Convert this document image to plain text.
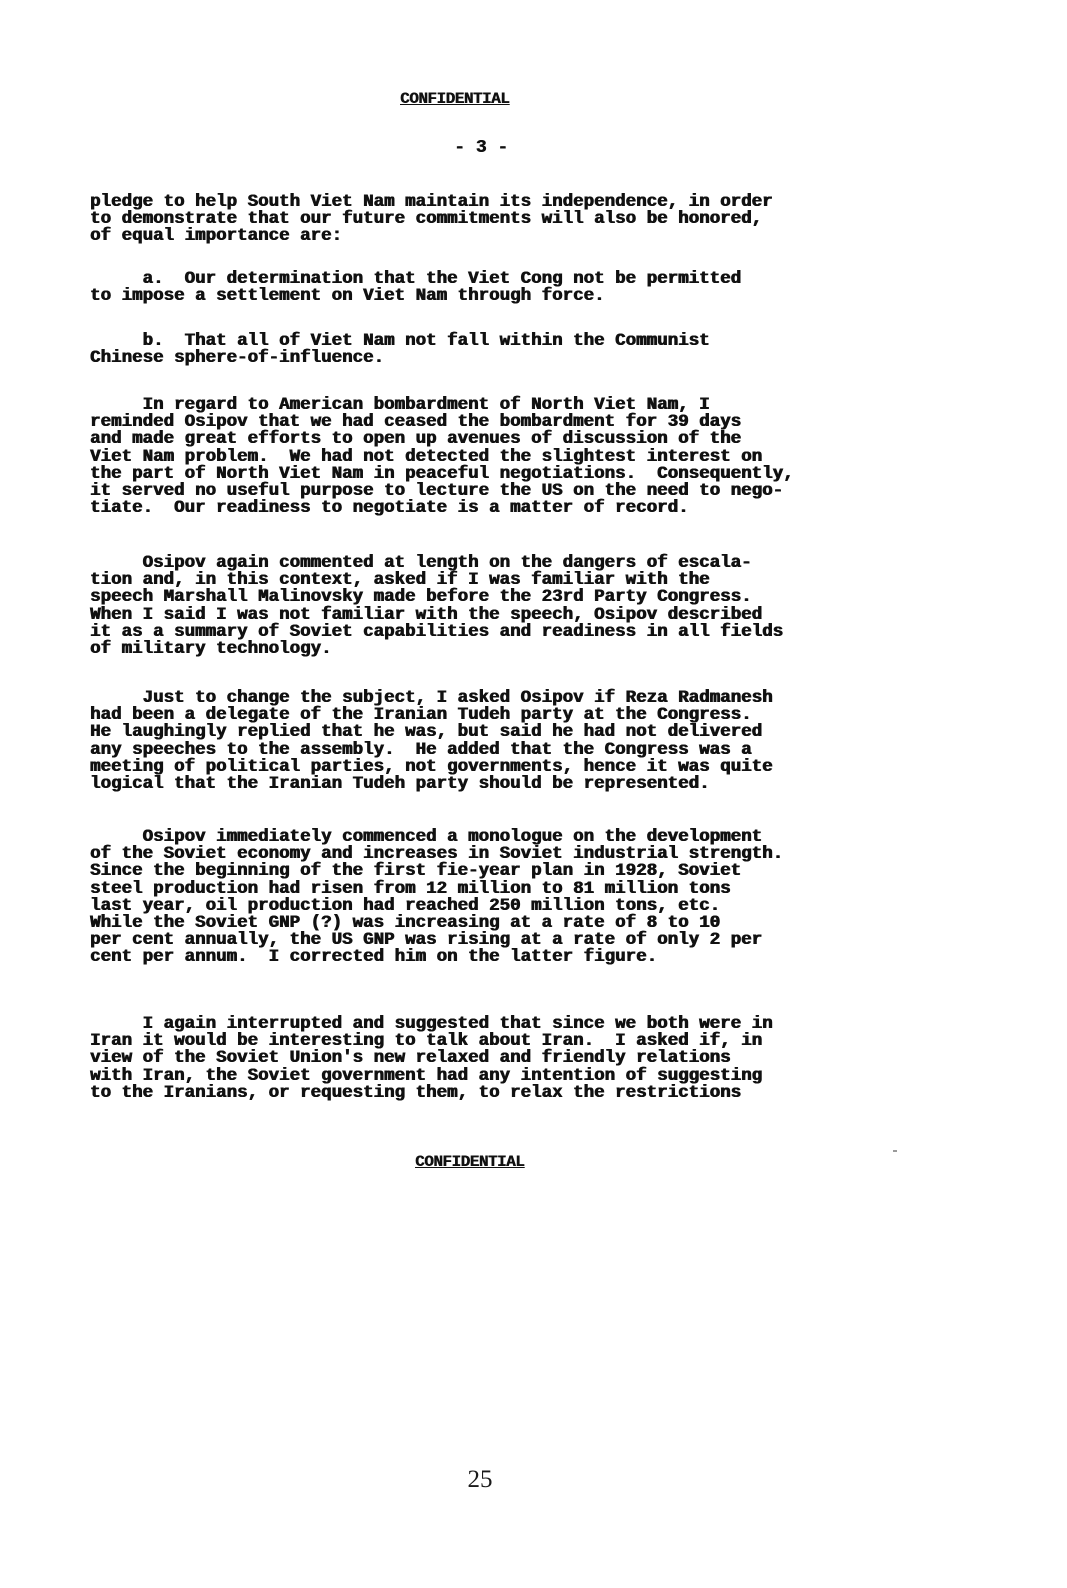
CONFIDENTIAL
- 3 -

pledge to help South Viet Nam maintain its independence, in order
to demonstrate that our future commitments will also be honored,
of equal importance are:

a.  Our determination that the Viet Cong not be permitted
to impose a settlement on Viet Nam through force.

b.  That all of Viet Nam not fall within the Communist
Chinese sphere-of-influence.

In regard to American bombardment of North Viet Nam, I
reminded Osipov that we had ceased the bombardment for 39 days
and made great efforts to open up avenues of discussion of the
Viet Nam problem.  We had not detected the slightest interest on
the part of North Viet Nam in peaceful negotiations.  Consequently,
it served no useful purpose to lecture the US on the need to nego-
tiate.  Our readiness to negotiate is a matter of record.

Osipov again commented at length on the dangers of escala-
tion and, in this context, asked if I was familiar with the
speech Marshall Malinovsky made before the 23rd Party Congress.
When I said I was not familiar with the speech, Osipov described
it as a summary of Soviet capabilities and readiness in all fields
of military technology.

Just to change the subject, I asked Osipov if Reza Radmanesh
had been a delegate of the Iranian Tudeh party at the Congress.
He laughingly replied that he was, but said he had not delivered
any speeches to the assembly.  He added that the Congress was a
meeting of political parties, not governments, hence it was quite
logical that the Iranian Tudeh party should be represented.

Osipov immediately commenced a monologue on the development
of the Soviet economy and increases in Soviet industrial strength.
Since the beginning of the first fie-year plan in 1928, Soviet
steel production had risen from 12 million to 81 million tons
last year, oil production had reached 250 million tons, etc.
While the Soviet GNP (?) was increasing at a rate of 8 to 10
per cent annually, the US GNP was rising at a rate of only 2 per
cent per annum.  I corrected him on the latter figure.

I again interrupted and suggested that since we both were in
Iran it would be interesting to talk about Iran.  I asked if, in
view of the Soviet Union's new relaxed and friendly relations
with Iran, the Soviet government had any intention of suggesting
to the Iranians, or requesting them, to relax the restrictions

CONFIDENTIAL
25
